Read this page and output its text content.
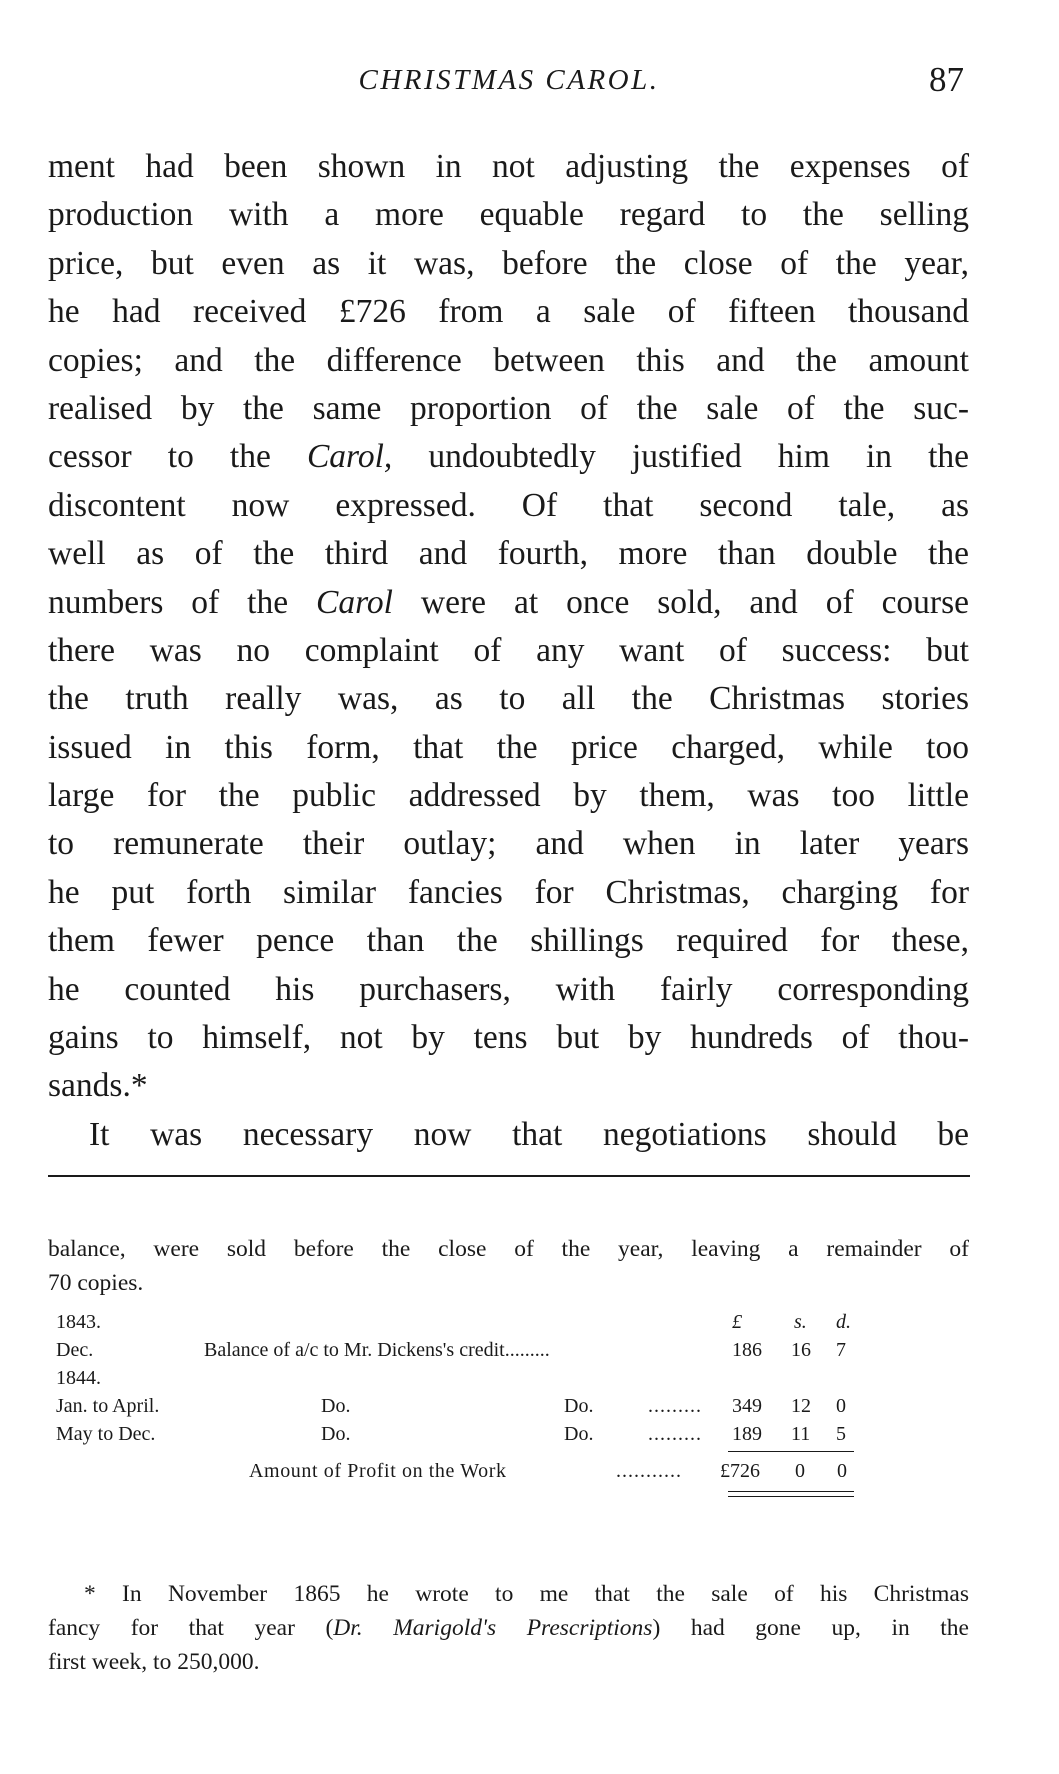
CHRISTMAS CAROL.	87
ment had been shown in not adjusting the expenses of
production with a more equable regard to the selling
price, but even as it was, before the close of the year,
he had received £726 from a sale of fifteen thousand
copies; and the difference between this and the amount
realised by the same proportion of the sale of the suc-
cessor to the Carol, undoubtedly justified him in the
discontent now expressed. Of that second tale, as
well as of the third and fourth, more than double the
numbers of the Carol were at once sold, and of course
there was no complaint of any want of success: but
the truth really was, as to all the Christmas stories
issued in this form, that the price charged, while too
large for the public addressed by them, was too little
to remunerate their outlay; and when in later years
he put forth similar fancies for Christmas, charging for
them fewer pence than the shillings required for these,
he counted his purchasers, with fairly corresponding
gains to himself, not by tens but by hundreds of thou-
sands.*
It was necessary now that negotiations should be
balance, were sold before the close of the year, leaving a remainder of
70 copies.
1843.	£	s. d.
Dec.	Balance of a/c to Mr. Dickens's credit.........	186 16 7
1844.
Jan. to April.	Do.	Do.	......... 349 12 0
May to Dec.	Do.	Do.	......... 189 11 5
Amount of Profit on the Work	........... £726 0 0
* In November 1865 he wrote to me that the sale of his Christmas
fancy for that year (Dr. Marigold's Prescriptions) had gone up, in the
first week, to 250,000.
